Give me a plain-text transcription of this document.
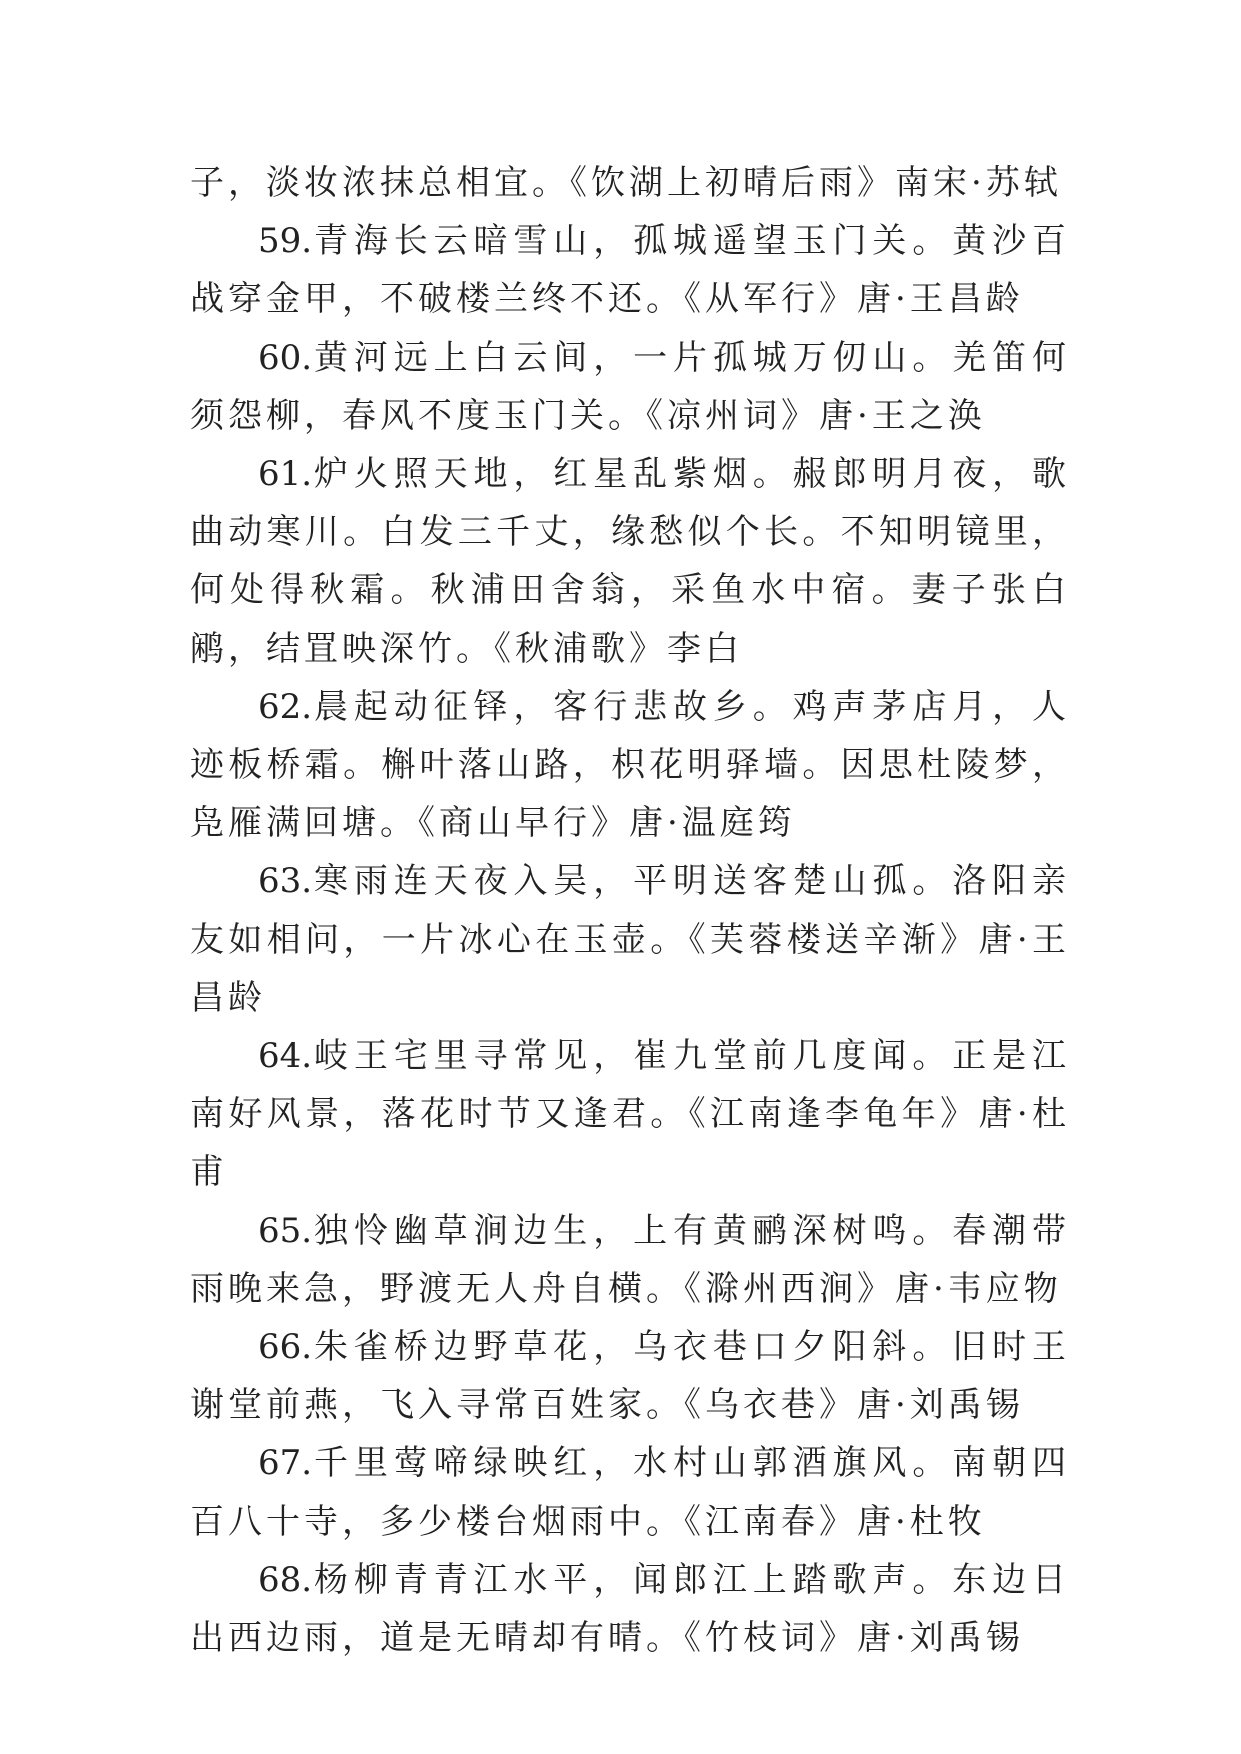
子，淡妆浓抹总相宜。《饮湖上初晴后雨》南宋·苏轼

59.青海长云暗雪山，孤城遥望玉门关。黄沙百战穿金甲，不破楼兰终不还。《从军行》唐·王昌龄

60.黄河远上白云间，一片孤城万仞山。羌笛何须怨柳，春风不度玉门关。《凉州词》唐·王之涣

61.炉火照天地，红星乱紫烟。赧郎明月夜，歌曲动寒川。白发三千丈，缘愁似个长。不知明镜里，何处得秋霜。秋浦田舍翁，采鱼水中宿。妻子张白鹇，结罝映深竹。《秋浦歌》李白

62.晨起动征铎，客行悲故乡。鸡声茅店月，人迹板桥霜。槲叶落山路，枳花明驿墙。因思杜陵梦，凫雁满回塘。《商山早行》唐·温庭筠

63.寒雨连天夜入吴，平明送客楚山孤。洛阳亲友如相问，一片冰心在玉壶。《芙蓉楼送辛渐》唐·王昌龄

64.岐王宅里寻常见，崔九堂前几度闻。正是江南好风景，落花时节又逢君。《江南逢李龟年》唐·杜甫

65.独怜幽草涧边生，上有黄鹂深树鸣。春潮带雨晚来急，野渡无人舟自横。《滁州西涧》唐·韦应物

66.朱雀桥边野草花，乌衣巷口夕阳斜。旧时王谢堂前燕，飞入寻常百姓家。《乌衣巷》唐·刘禹锡

67.千里莺啼绿映红，水村山郭酒旗风。南朝四百八十寺，多少楼台烟雨中。《江南春》唐·杜牧

68.杨柳青青江水平，闻郎江上踏歌声。东边日出西边雨，道是无晴却有晴。《竹枝词》唐·刘禹锡
